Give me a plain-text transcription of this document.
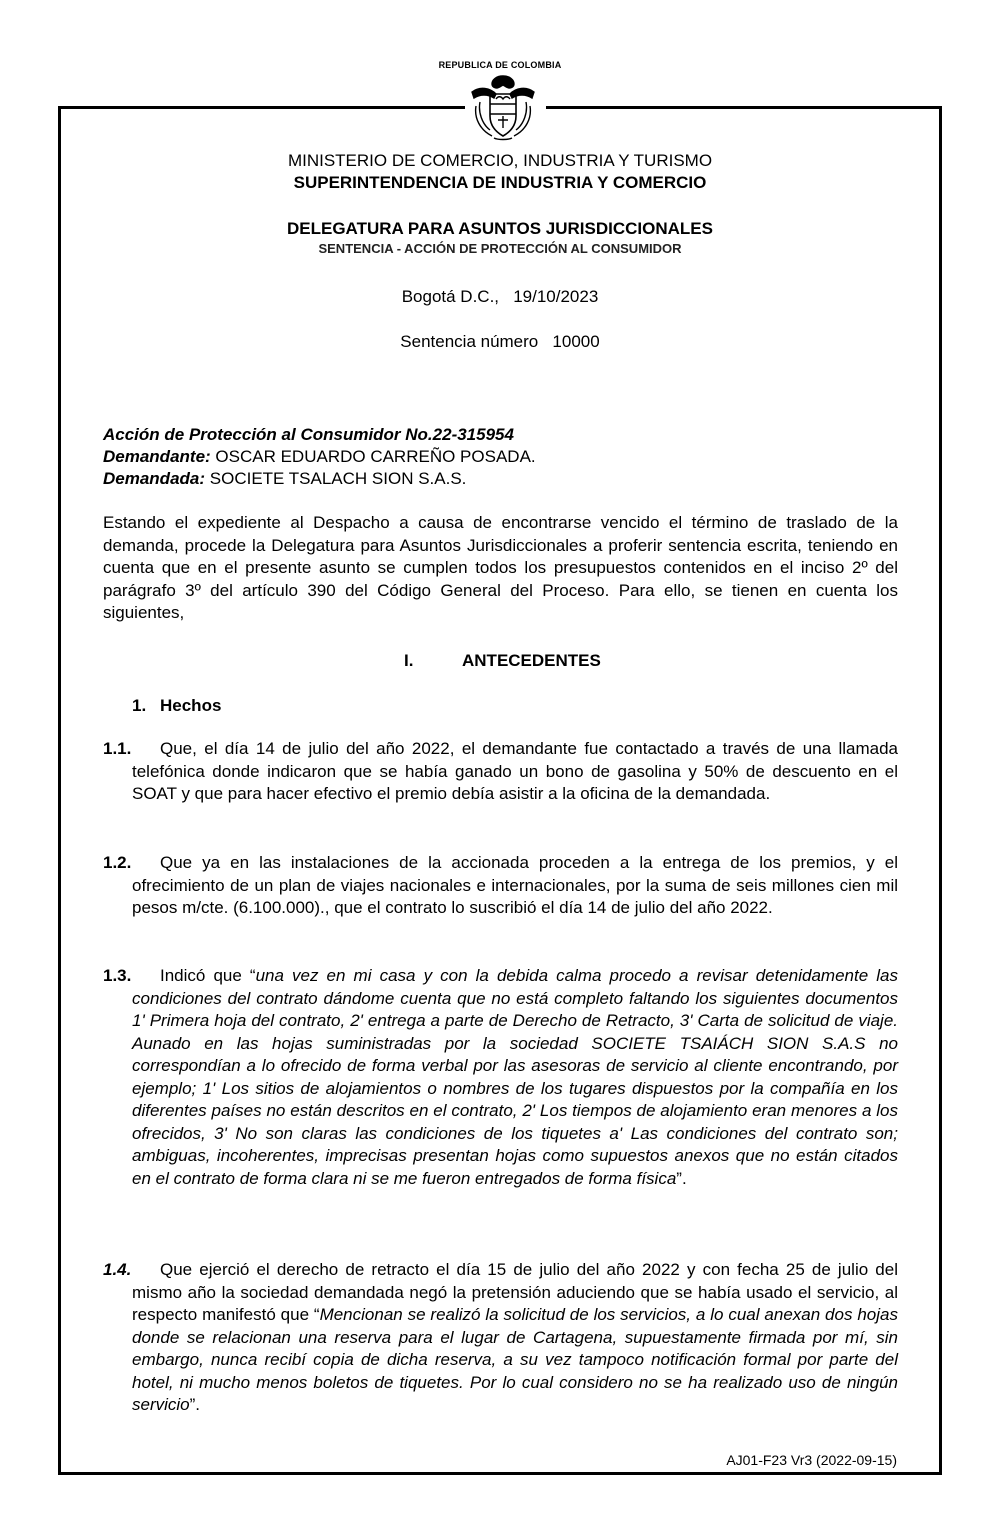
REPUBLICA DE COLOMBIA
MINISTERIO DE COMERCIO, INDUSTRIA Y TURISMO
SUPERINTENDENCIA DE INDUSTRIA Y COMERCIO
DELEGATURA PARA ASUNTOS JURISDICCIONALES
SENTENCIA - ACCIÓN DE PROTECCIÓN AL CONSUMIDOR
Bogotá D.C.,   19/10/2023
Sentencia número   10000
Acción de Protección al Consumidor No.22-315954
Demandante: OSCAR EDUARDO CARREÑO POSADA.
Demandada: SOCIETE TSALACH SION S.A.S.
Estando el expediente al Despacho a causa de encontrarse vencido el término de traslado de la demanda, procede la Delegatura para Asuntos Jurisdiccionales a proferir sentencia escrita, teniendo en cuenta que en el presente asunto se cumplen todos los presupuestos contenidos en el inciso 2º del parágrafo 3º del artículo 390 del Código General del Proceso. Para ello, se tienen en cuenta los siguientes,
I.	ANTECEDENTES
1. Hechos
1.1.	Que, el día 14 de julio del año 2022, el demandante fue contactado a través de una llamada telefónica donde indicaron que se había ganado un bono de gasolina y 50% de descuento en el SOAT y que para hacer efectivo el premio debía asistir a la oficina de la demandada.
1.2.	Que ya en las instalaciones de la accionada proceden a la entrega de los premios, y el ofrecimiento de un plan de viajes nacionales e internacionales, por la suma de seis millones cien mil pesos m/cte. (6.100.000)., que el contrato lo suscribió el día 14 de julio del año 2022.
1.3.	Indicó que “una vez en mi casa y con la debida calma procedo a revisar detenidamente las condiciones del contrato dándome cuenta que no está completo faltando los siguientes documentos 1' Primera hoja del contrato, 2' entrega a parte de Derecho de Retracto, 3' Carta de solicitud de viaje. Aunado en las hojas suministradas por la sociedad SOCIETE TSAIÁCH SION S.A.S no correspondían a lo ofrecido de forma verbal por las asesoras de servicio al cliente encontrando, por ejemplo; 1' Los sitios de alojamientos o nombres de los tugares dispuestos por la compañía en los diferentes países no están descritos en el contrato, 2' Los tiempos de alojamiento eran menores a los ofrecidos, 3' No son claras las condiciones de los tiquetes a' Las condiciones del contrato son; ambiguas, incoherentes, imprecisas presentan hojas como supuestos anexos que no están citados en el contrato de forma clara ni se me fueron entregados de forma física”.
1.4.	Que ejerció el derecho de retracto el día 15 de julio del año 2022 y con fecha 25 de julio del mismo año la sociedad demandada negó la pretensión aduciendo que se había usado el servicio, al respecto manifestó que “Mencionan se realizó la solicitud de los servicios, a lo cual anexan dos hojas donde se relacionan una reserva para el lugar de Cartagena, supuestamente firmada por mí, sin embargo, nunca recibí copia de dicha reserva, a su vez tampoco notificación formal por parte del hotel, ni mucho menos boletos de tiquetes. Por lo cual considero no se ha realizado uso de ningún servicio”.
AJ01-F23 Vr3 (2022-09-15)
